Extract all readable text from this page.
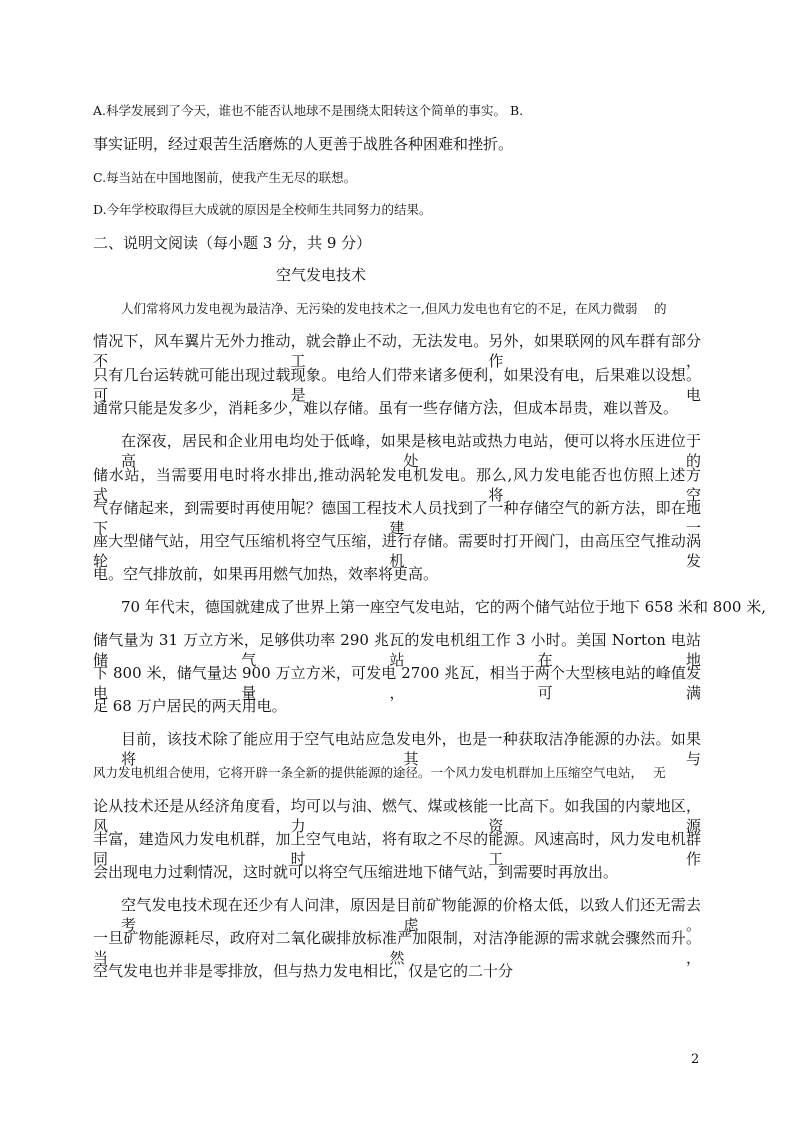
A.科学发展到了今天，谁也不能否认地球不是围绕太阳转这个简单的事实。 B.
事实证明，经过艰苦生活磨炼的人更善于战胜各种困难和挫折。
C.每当站在中国地图前，使我产生无尽的联想。
D.今年学校取得巨大成就的原因是全校师生共同努力的结果。
二、说明文阅读（每小题 3 分，共 9 分）
空气发电技术
人们常将风力发电视为最洁净、无污染的发电技术之一,但风力发电也有它的不足，在风力微弱　 的
情况下，风车翼片无外力推动，就会静止不动，无法发电。另外，如果联网的风车群有部分不工作，
只有几台运转就可能出现过载现象。电给人们带来诸多便利，如果没有电，后果难以设想。可是，电
通常只能是发多少，消耗多少，难以存储。虽有一些存储方法，但成本昂贵，难以普及。
在深夜，居民和企业用电均处于低峰，如果是核电站或热力电站，便可以将水压进位于高处的
储水站，当需要用电时将水排出,推动涡轮发电机发电。那么,风力发电能否也仿照上述方式，将空
气存储起来，到需要时再使用呢？德国工程技术人员找到了一种存储空气的新方法，即在地下建一
座大型储气站，用空气压缩机将空气压缩，进行存储。需要时打开阀门，由高压空气推动涡轮机发
电。空气排放前，如果再用燃气加热，效率将更高。
70 年代末，德国就建成了世界上第一座空气发电站，它的两个储气站位于地下 658 米和 800 米,
储气量为 31 万立方米，足够供功率 290 兆瓦的发电机组工作 3 小时。美国 Norton 电站储气站在地
下 800 米，储气量达 900 万立方米，可发电 2700 兆瓦，相当于两个大型核电站的峰值发电量，可满
足 68 万户居民的两天用电。
目前，该技术除了能应用于空气电站应急发电外，也是一种获取洁净能源的办法。如果将其与
风力发电机组合使用，它将开辟一条全新的提供能源的途径。一个风力发电机群加上压缩空气电站，　 无
论从技术还是从经济角度看，均可以与油、燃气、煤或核能一比高下。如我国的内蒙地区，风力资源
丰富，建造风力发电机群，加上空气电站，将有取之不尽的能源。风速高时，风力发电机群同时工作
会出现电力过剩情况，这时就可以将空气压缩进地下储气站，到需要时再放出。
空气发电技术现在还少有人问津，原因是目前矿物能源的价格太低，以致人们还无需去考虑。
一旦矿物能源耗尽，政府对二氧化碳排放标准严加限制，对洁净能源的需求就会骤然而升。当然，
空气发电也并非是零排放，但与热力发电相比，仅是它的二十分
2
